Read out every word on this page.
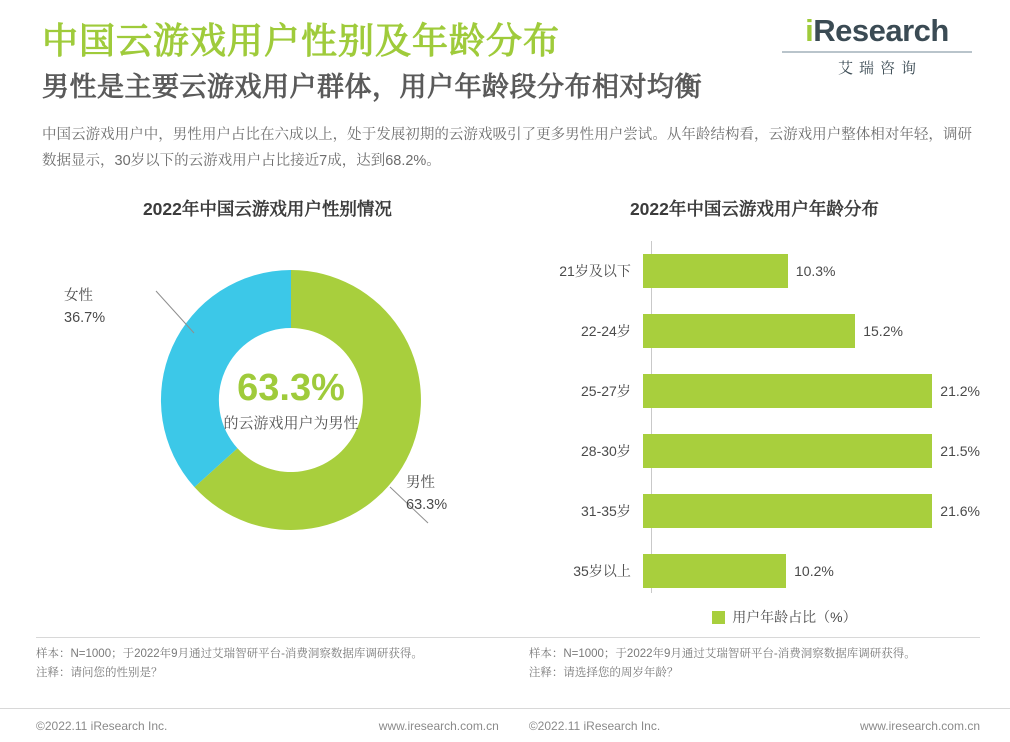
中国云游戏用户性别及年龄分布
男性是主要云游戏用户群体，用户年龄段分布相对均衡
中国云游戏用户中，男性用户占比在六成以上，处于发展初期的云游戏吸引了更多男性用户尝试。从年龄结构看，云游戏用户整体相对年轻，调研数据显示，30岁以下的云游戏用户占比接近7成，达到68.2%。
iResearch
艾瑞咨询
2022年中国云游戏用户性别情况
63.3%
的云游戏用户为男性
女性
36.7%
男性
63.3%
2022年中国云游戏用户年龄分布
21岁及以下	10.3%
22-24岁	15.2%
25-27岁	21.2%
28-30岁	21.5%
31-35岁	21.6%
35岁以上	10.2%
用户年龄占比（%）
样本：N=1000；于2022年9月通过艾瑞智研平台-消费洞察数据库调研获得。
注释：请问您的性别是？
样本：N=1000；于2022年9月通过艾瑞智研平台-消费洞察数据库调研获得。
注释：请选择您的周岁年龄？
©2022.11 iResearch Inc.	www.iresearch.com.cn	©2022.11 iResearch Inc.	www.iresearch.com.cn
